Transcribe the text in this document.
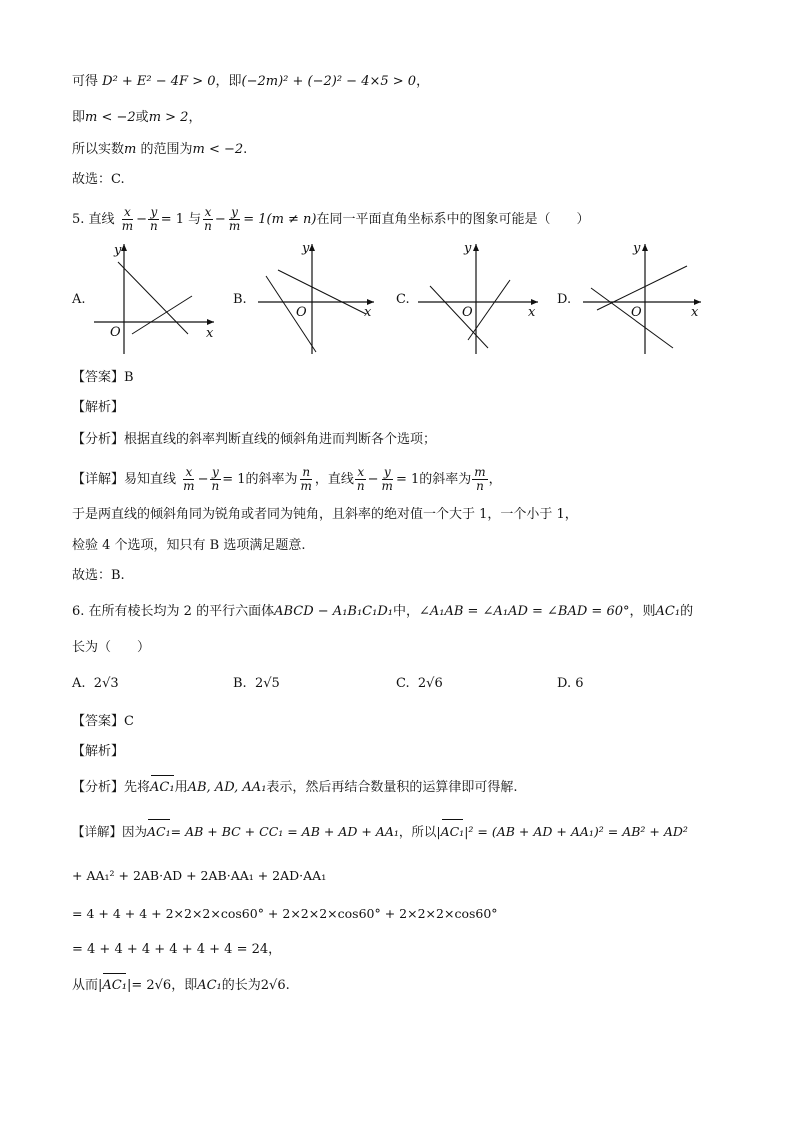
可得 D² + E² − 4F > 0，即(−2m)² + (−2)² − 4×5 > 0，
即m < −2或m > 2，
所以实数m 的范围为m < −2.
故选：C.
5. 直线 $\frac{x}{m} - \frac{y}{n} = 1$ 与 $\frac{x}{n} - \frac{y}{m} = 1(m \ne n)$在同一平面直角坐标系中的图象可能是（　　）
A.
y
x
O
B.
y
x
O
C.
y
x
O
D.
y
x
O
【答案】B
【解析】
【分析】根据直线的斜率判断直线的倾斜角进而判断各个选项；
【详解】易知直线 $\frac{x}{m} - \frac{y}{n} = 1$的斜率为 $\frac{n}{m}$ ，直线 $\frac{x}{n} - \frac{y}{m} = 1$的斜率为 $\frac{m}{n}$ ，
于是两直线的倾斜角同为锐角或者同为钝角，且斜率的绝对值一个大于 1，一个小于 1，
检验 4 个选项，知只有 B 选项满足题意.
故选：B.
6. 在所有棱长均为 2 的平行六面体ABCD − A₁B₁C₁D₁中，∠A₁AB = ∠A₁AD = ∠BAD = 60°，则AC₁的
长为（　　）
A. 2√3	B. 2√5	C. 2√6	D. 6
【答案】C
【解析】
【分析】先将AC₁用AB, AD, AA₁表示，然后再结合数量积的运算律即可得解.
【详解】因为AC₁= AB + BC + CC₁ = AB + AD + AA₁，所以|AC₁|² = (AB + AD + AA₁)² = AB² + AD²
+ AA₁² + 2AB·AD + 2AB·AA₁ + 2AD·AA₁
= 4 + 4 + 4 + 2×2×2×cos60° + 2×2×2×cos60° + 2×2×2×cos60°
= 4 + 4 + 4 + 4 + 4 + 4 = 24，
从而|AC₁|= 2√6，即AC₁的长为2√6.
